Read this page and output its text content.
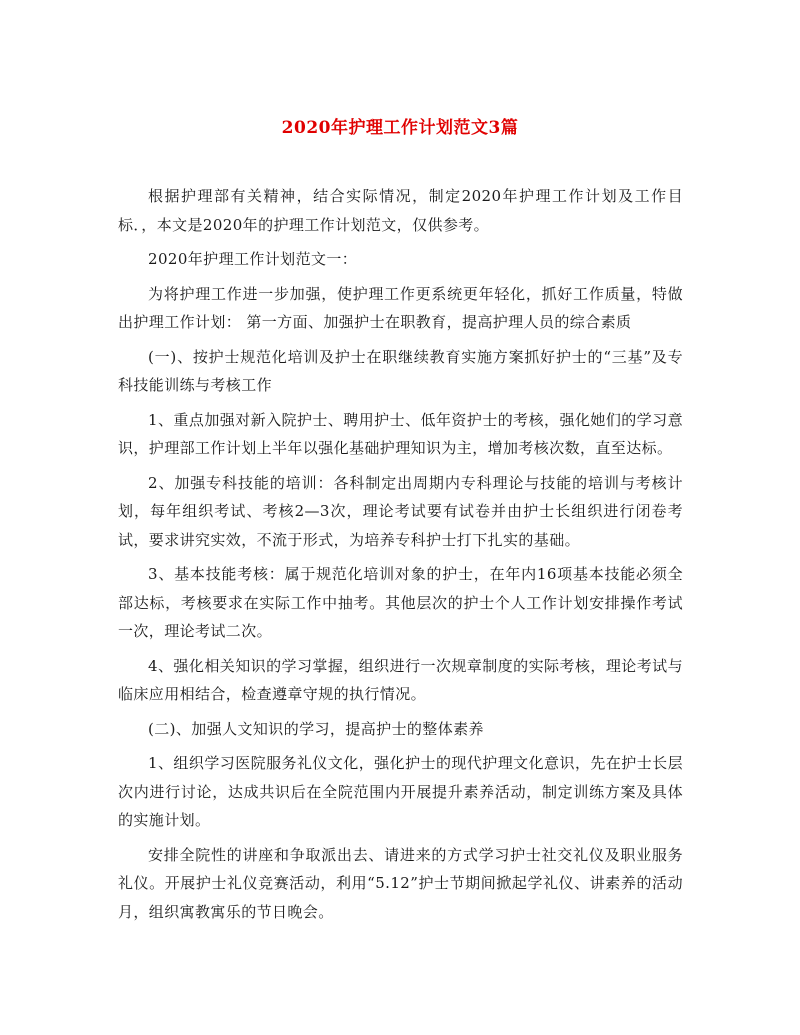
2020年护理工作计划范文3篇

根据护理部有关精神，结合实际情况，制定2020年护理工作计划及工作目标．，本文是2020年的护理工作计划范文，仅供参考。

2020年护理工作计划范文一：

为将护理工作进一步加强，使护理工作更系统更年轻化，抓好工作质量，特做出护理工作计划： 第一方面、加强护士在职教育，提高护理人员的综合素质

(一)、按护士规范化培训及护士在职继续教育实施方案抓好护士的“三基”及专科技能训练与考核工作

1、重点加强对新入院护士、聘用护士、低年资护士的考核，强化她们的学习意识，护理部工作计划上半年以强化基础护理知识为主，增加考核次数，直至达标。

2、加强专科技能的培训：各科制定出周期内专科理论与技能的培训与考核计划，每年组织考试、考核2—3次，理论考试要有试卷并由护士长组织进行闭卷考试，要求讲究实效，不流于形式，为培养专科护士打下扎实的基础。

3、基本技能考核：属于规范化培训对象的护士，在年内16项基本技能必须全部达标，考核要求在实际工作中抽考。其他层次的护士个人工作计划安排操作考试一次，理论考试二次。

4、强化相关知识的学习掌握，组织进行一次规章制度的实际考核，理论考试与临床应用相结合，检查遵章守规的执行情况。

(二)、加强人文知识的学习，提高护士的整体素养

1、组织学习医院服务礼仪文化，强化护士的现代护理文化意识，先在护士长层次内进行讨论，达成共识后在全院范围内开展提升素养活动，制定训练方案及具体的实施计划。

安排全院性的讲座和争取派出去、请进来的方式学习护士社交礼仪及职业服务礼仪。开展护士礼仪竞赛活动，利用“5.12”护士节期间掀起学礼仪、讲素养的活动月，组织寓教寓乐的节日晚会。
